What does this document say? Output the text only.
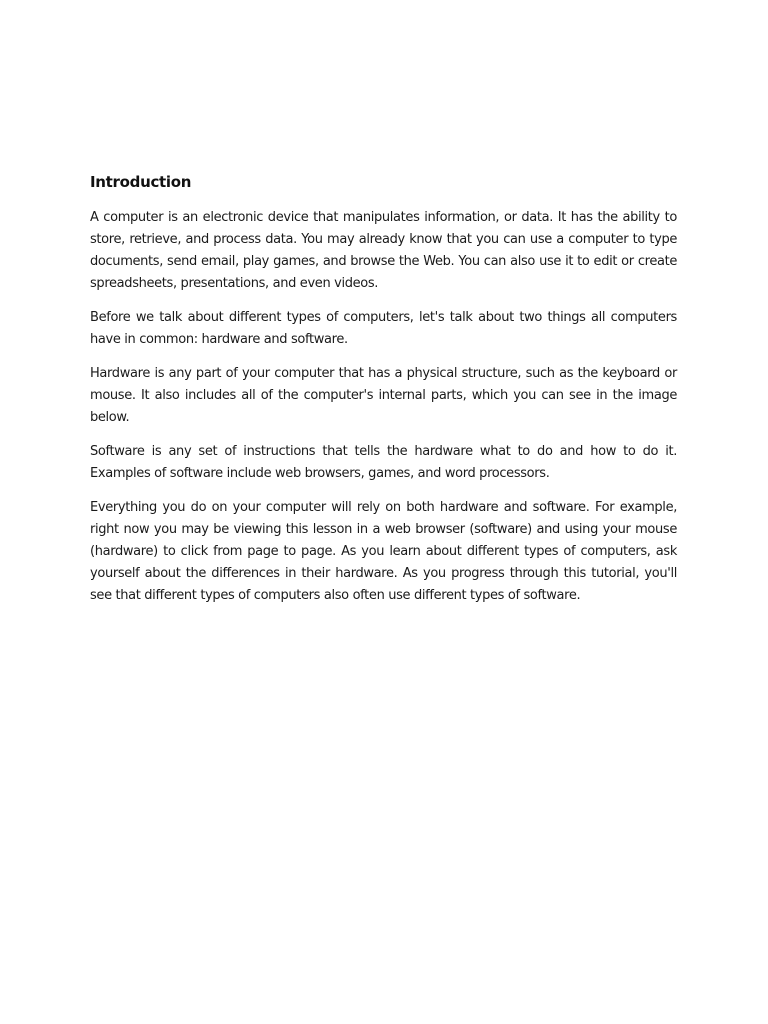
Introduction

A computer is an electronic device that manipulates information, or data. It has the ability to store, retrieve, and process data. You may already know that you can use a computer to type documents, send email, play games, and browse the Web. You can also use it to edit or create spreadsheets, presentations, and even videos.

Before we talk about different types of computers, let's talk about two things all computers have in common: hardware and software.

Hardware is any part of your computer that has a physical structure, such as the keyboard or mouse. It also includes all of the computer's internal parts, which you can see in the image below.

Software is any set of instructions that tells the hardware what to do and how to do it. Examples of software include web browsers, games, and word processors.

Everything you do on your computer will rely on both hardware and software. For example, right now you may be viewing this lesson in a web browser (software) and using your mouse (hardware) to click from page to page. As you learn about different types of computers, ask yourself about the differences in their hardware. As you progress through this tutorial, you'll see that different types of computers also often use different types of software.
